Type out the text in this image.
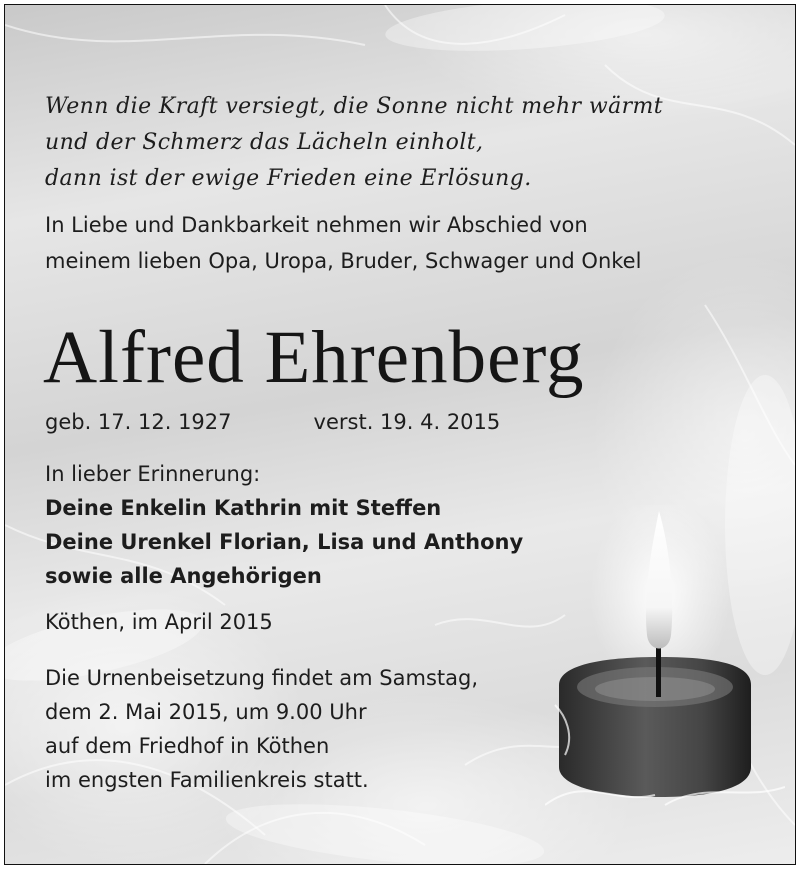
Wenn die Kraft versiegt, die Sonne nicht mehr wärmt
und der Schmerz das Lächeln einholt,
dann ist der ewige Frieden eine Erlösung.
In Liebe und Dankbarkeit nehmen wir Abschied von
meinem lieben Opa, Uropa, Bruder, Schwager und Onkel
Alfred Ehrenberg
geb. 17. 12. 1927	verst. 19. 4. 2015
In lieber Erinnerung:
Deine Enkelin Kathrin mit Steffen
Deine Urenkel Florian, Lisa und Anthony
sowie alle Angehörigen
Köthen, im April 2015
Die Urnenbeisetzung findet am Samstag,
dem 2. Mai 2015, um 9.00 Uhr
auf dem Friedhof in Köthen
im engsten Familienkreis statt.
